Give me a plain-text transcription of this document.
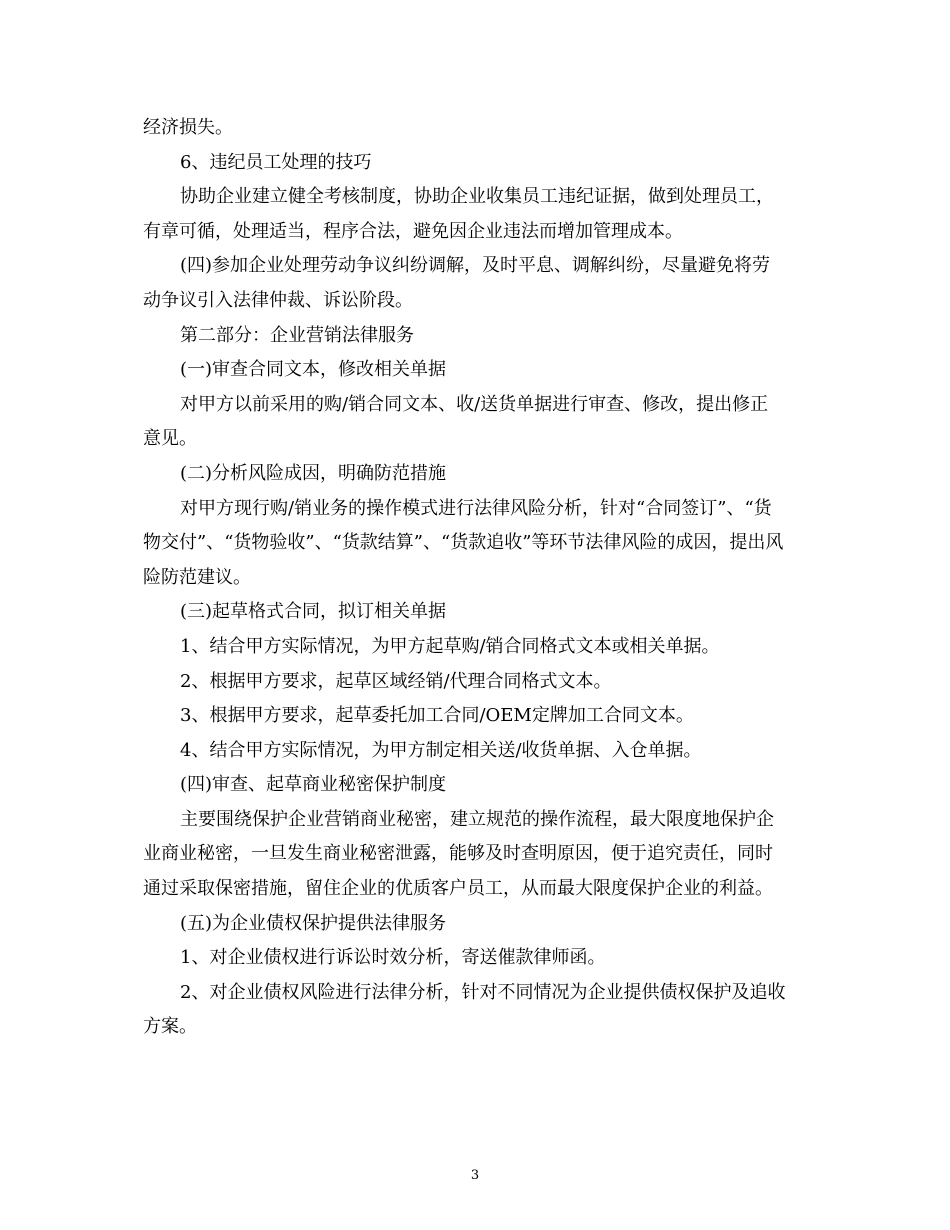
经济损失。
6、违纪员工处理的技巧
协助企业建立健全考核制度，协助企业收集员工违纪证据，做到处理员工，
有章可循，处理适当，程序合法，避免因企业违法而增加管理成本。
(四)参加企业处理劳动争议纠纷调解，及时平息、调解纠纷，尽量避免将劳
动争议引入法律仲裁、诉讼阶段。
第二部分：企业营销法律服务
(一)审查合同文本，修改相关单据
对甲方以前采用的购/销合同文本、收/送货单据进行审查、修改，提出修正
意见。
(二)分析风险成因，明确防范措施
对甲方现行购/销业务的操作模式进行法律风险分析，针对“合同签订”、“货
物交付”、“货物验收”、“货款结算”、“货款追收”等环节法律风险的成因，提出风
险防范建议。
(三)起草格式合同，拟订相关单据
1、结合甲方实际情况，为甲方起草购/销合同格式文本或相关单据。
2、根据甲方要求，起草区域经销/代理合同格式文本。
3、根据甲方要求，起草委托加工合同/OEM定牌加工合同文本。
4、结合甲方实际情况，为甲方制定相关送/收货单据、入仓单据。
(四)审查、起草商业秘密保护制度
主要围绕保护企业营销商业秘密，建立规范的操作流程，最大限度地保护企
业商业秘密，一旦发生商业秘密泄露，能够及时查明原因，便于追究责任，同时
通过采取保密措施，留住企业的优质客户员工，从而最大限度保护企业的利益。
(五)为企业债权保护提供法律服务
1、对企业债权进行诉讼时效分析，寄送催款律师函。
2、对企业债权风险进行法律分析，针对不同情况为企业提供债权保护及追收
方案。
3
